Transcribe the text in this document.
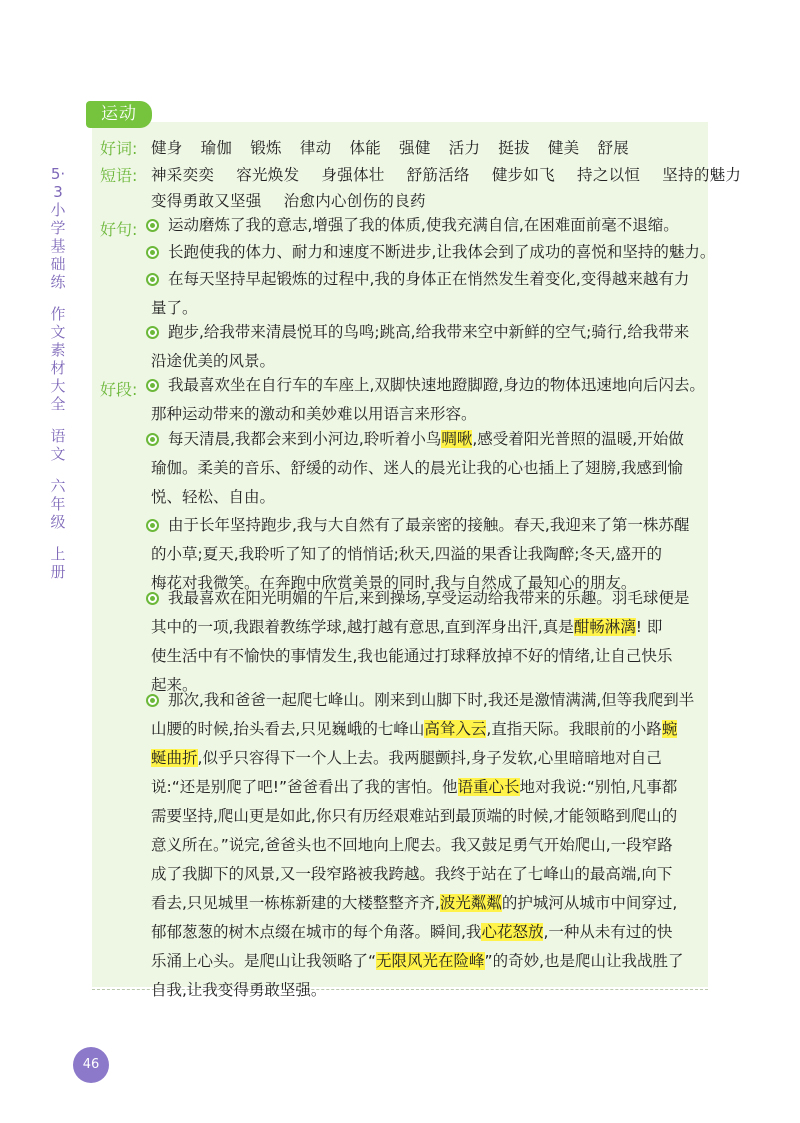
5·3小学基础练
作文素材大全
语文
六年级
上册
运动
好词: 健身 瑜伽 锻炼 律动 体能 强健 活力 挺拔 健美 舒展
短语: 神采奕奕 容光焕发 身强体壮 舒筋活络 健步如飞 持之以恒 坚持的魅力
变得勇敢又坚强 治愈内心创伤的良药
好句:	运动磨炼了我的意志,增强了我的体质,使我充满自信,在困难面前毫不退缩。
长跑使我的体力、耐力和速度不断进步,让我体会到了成功的喜悦和坚持的魅力。
在每天坚持早起锻炼的过程中,我的身体正在悄然发生着变化,变得越来越有力
量了。
跑步,给我带来清晨悦耳的鸟鸣;跳高,给我带来空中新鲜的空气;骑行,给我带来
沿途优美的风景。
好段:	我最喜欢坐在自行车的车座上,双脚快速地蹬脚蹬,身边的物体迅速地向后闪去。
那种运动带来的激动和美妙难以用语言来形容。
每天清晨,我都会来到小河边,聆听着小鸟啁啾,感受着阳光普照的温暖,开始做
瑜伽。柔美的音乐、舒缓的动作、迷人的晨光让我的心也插上了翅膀,我感到愉
悦、轻松、自由。
由于长年坚持跑步,我与大自然有了最亲密的接触。春天,我迎来了第一株苏醒
的小草;夏天,我聆听了知了的悄悄话;秋天,四溢的果香让我陶醉;冬天,盛开的
梅花对我微笑。在奔跑中欣赏美景的同时,我与自然成了最知心的朋友。
我最喜欢在阳光明媚的午后,来到操场,享受运动给我带来的乐趣。羽毛球便是
其中的一项,我跟着教练学球,越打越有意思,直到浑身出汗,真是酣畅淋漓! 即
使生活中有不愉快的事情发生,我也能通过打球释放掉不好的情绪,让自己快乐
起来。
那次,我和爸爸一起爬七峰山。刚来到山脚下时,我还是激情满满,但等我爬到半
山腰的时候,抬头看去,只见巍峨的七峰山高耸入云,直指天际。我眼前的小路蜿
蜒曲折,似乎只容得下一个人上去。我两腿颤抖,身子发软,心里暗暗地对自己
说:“还是别爬了吧!”爸爸看出了我的害怕。他语重心长地对我说:“别怕,凡事都
需要坚持,爬山更是如此,你只有历经艰难站到最顶端的时候,才能领略到爬山的
意义所在。”说完,爸爸头也不回地向上爬去。我又鼓足勇气开始爬山,一段窄路
成了我脚下的风景,又一段窄路被我跨越。我终于站在了七峰山的最高端,向下
看去,只见城里一栋栋新建的大楼整整齐齐,波光粼粼的护城河从城市中间穿过,
郁郁葱葱的树木点缀在城市的每个角落。瞬间,我心花怒放,一种从未有过的快
乐涌上心头。是爬山让我领略了“无限风光在险峰”的奇妙,也是爬山让我战胜了
自我,让我变得勇敢坚强。
46
